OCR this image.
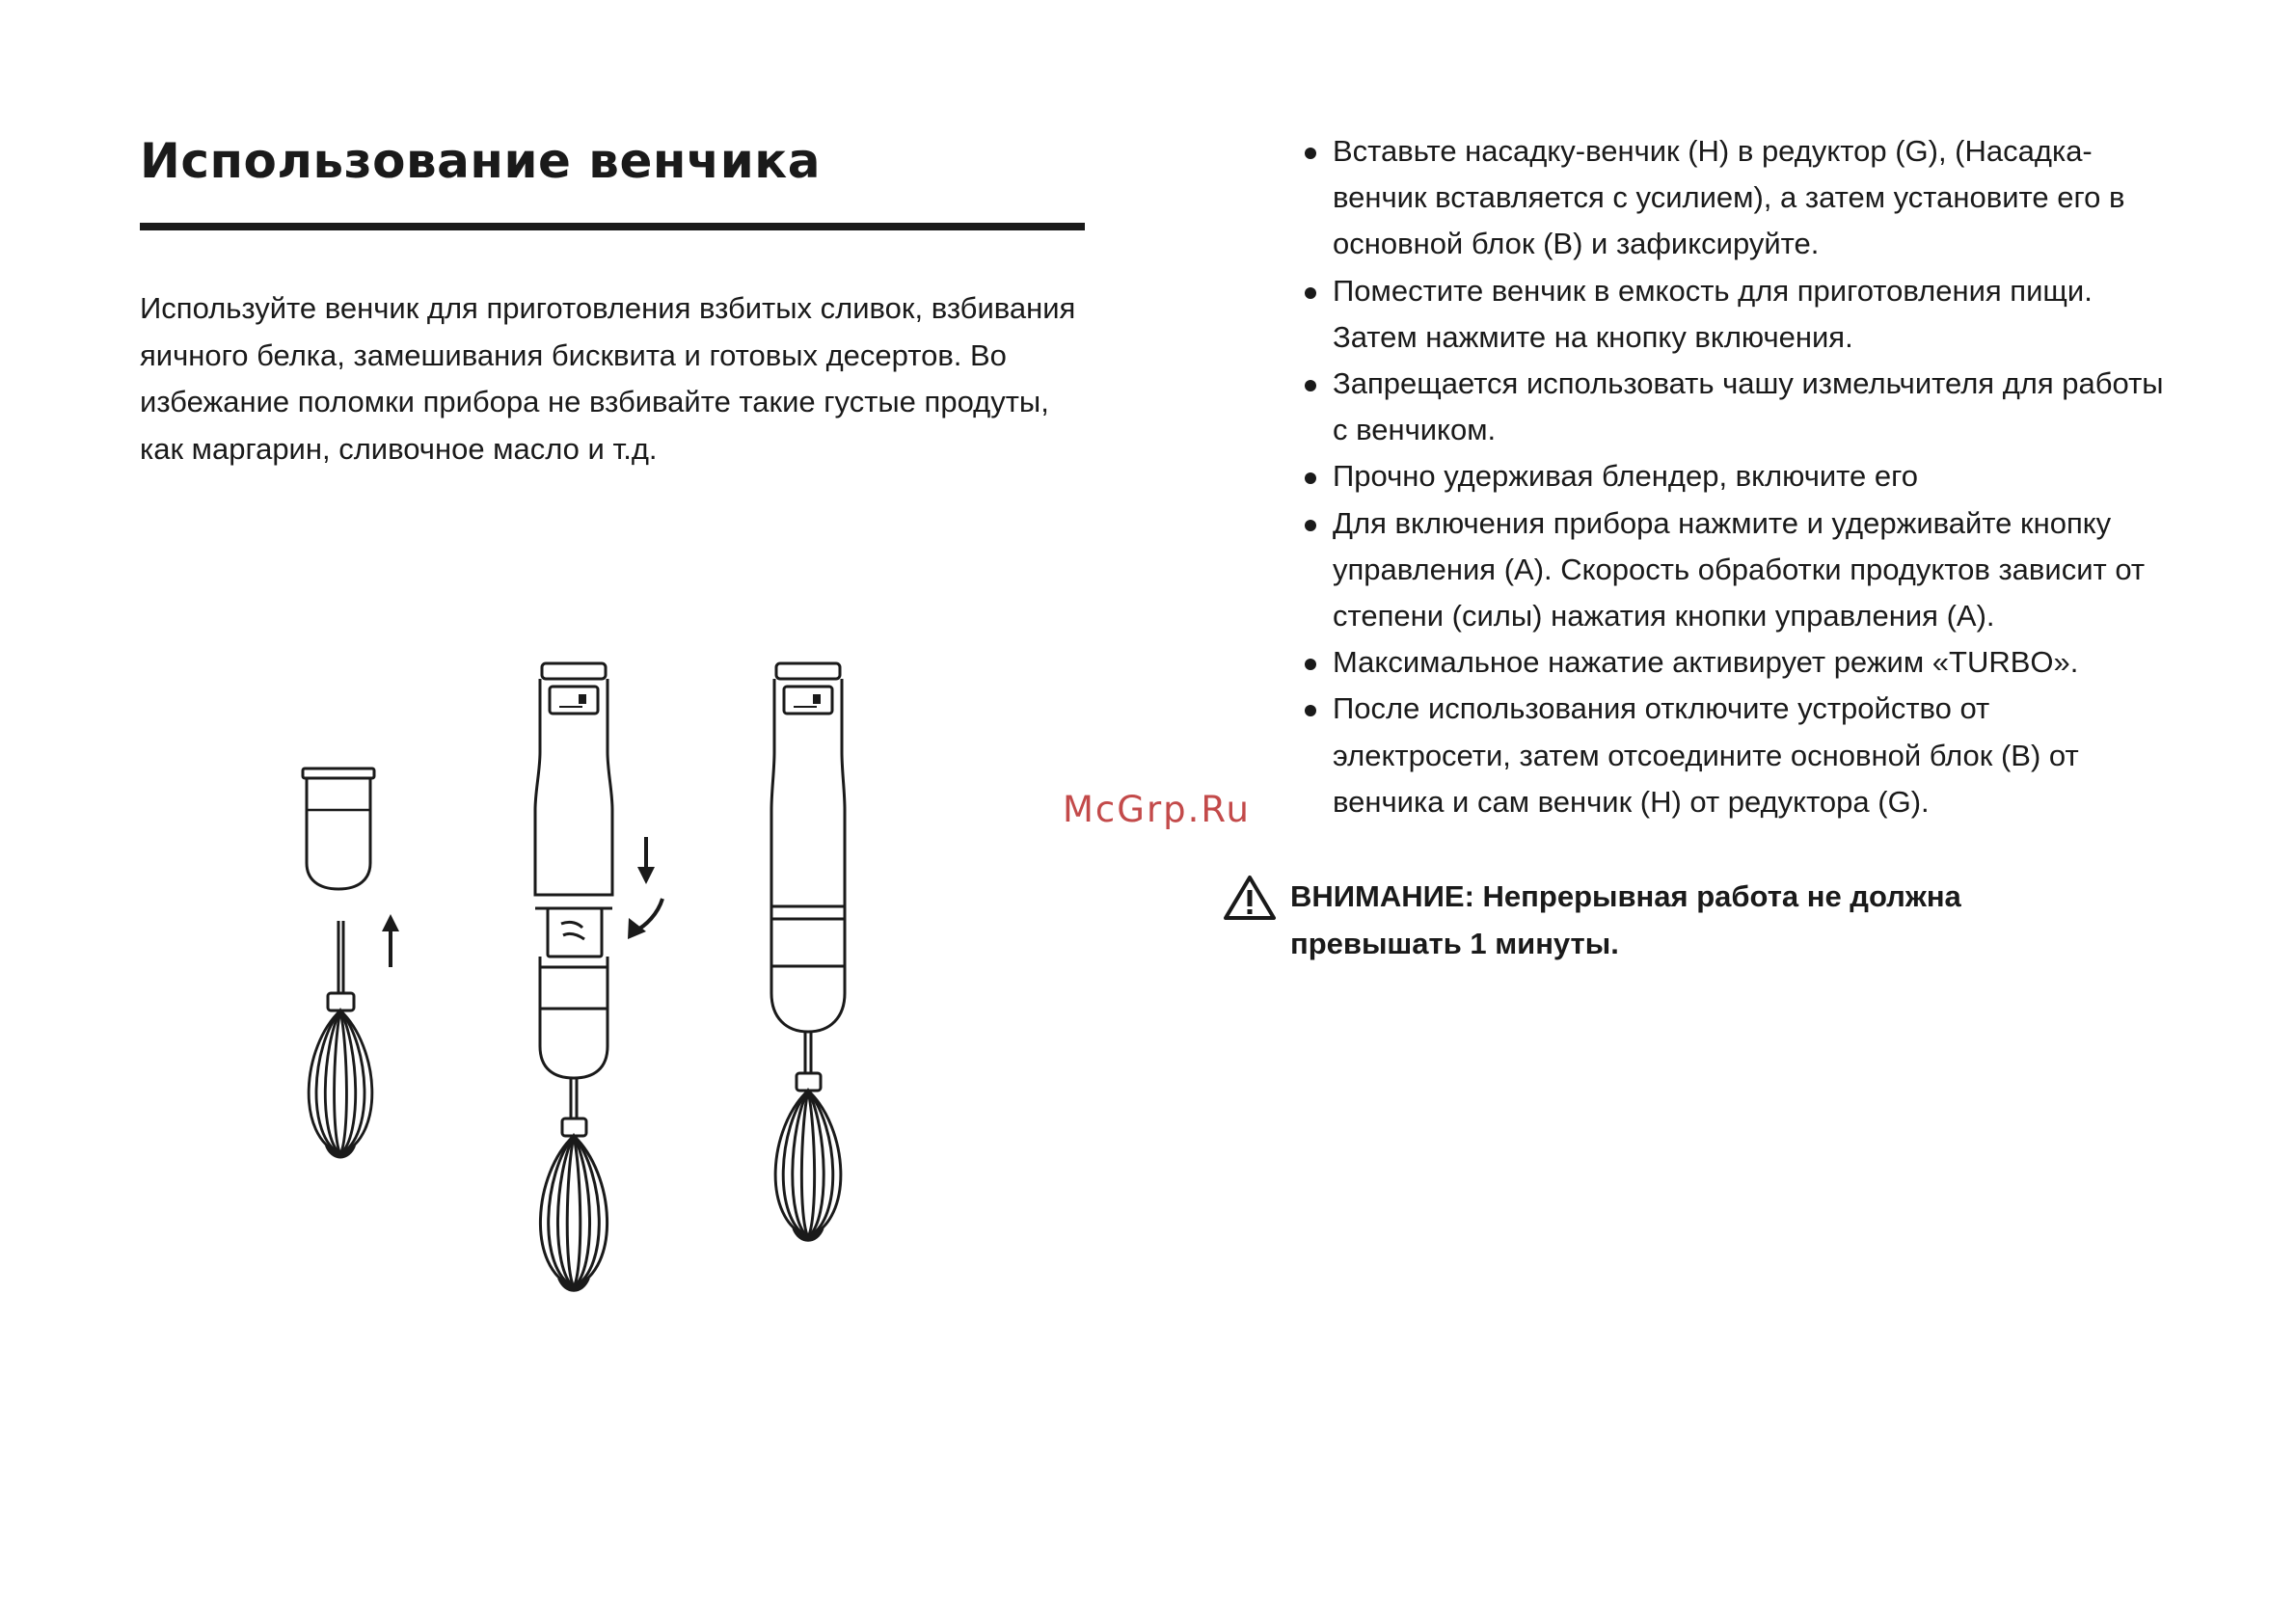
Использование венчика

Используйте венчик для приготовления взбитых сливок, взбивания яичного белка, замешивания бисквита и готовых десертов. Во избежание поломки прибора не взбивайте такие густые продуты, как маргарин, сливочное масло и т.д.

Вставьте насадку-венчик (H) в редуктор (G), (Насадка-венчик вставляется с усилием), а затем установите его в основной блок (B) и зафиксируйте.
Поместите венчик в емкость для приготовления пищи. Затем нажмите на кнопку включения.
Запрещается использовать чашу измельчителя для работы с венчиком.
Прочно удерживая блендер, включите его
Для включения прибора нажмите и удерживайте кнопку управления (А). Скорость обработки продуктов зависит от степени (силы) нажатия кнопки управления (А).
Максимальное нажатие активирует режим «TURBO».
После использования отключите устройство от электросети, затем отсоедините основной блок (B) от венчика и сам венчик (H) от редуктора (G).

ВНИМАНИЕ: Непрерывная работа не должна превышать 1 минуты.

McGrp.Ru
